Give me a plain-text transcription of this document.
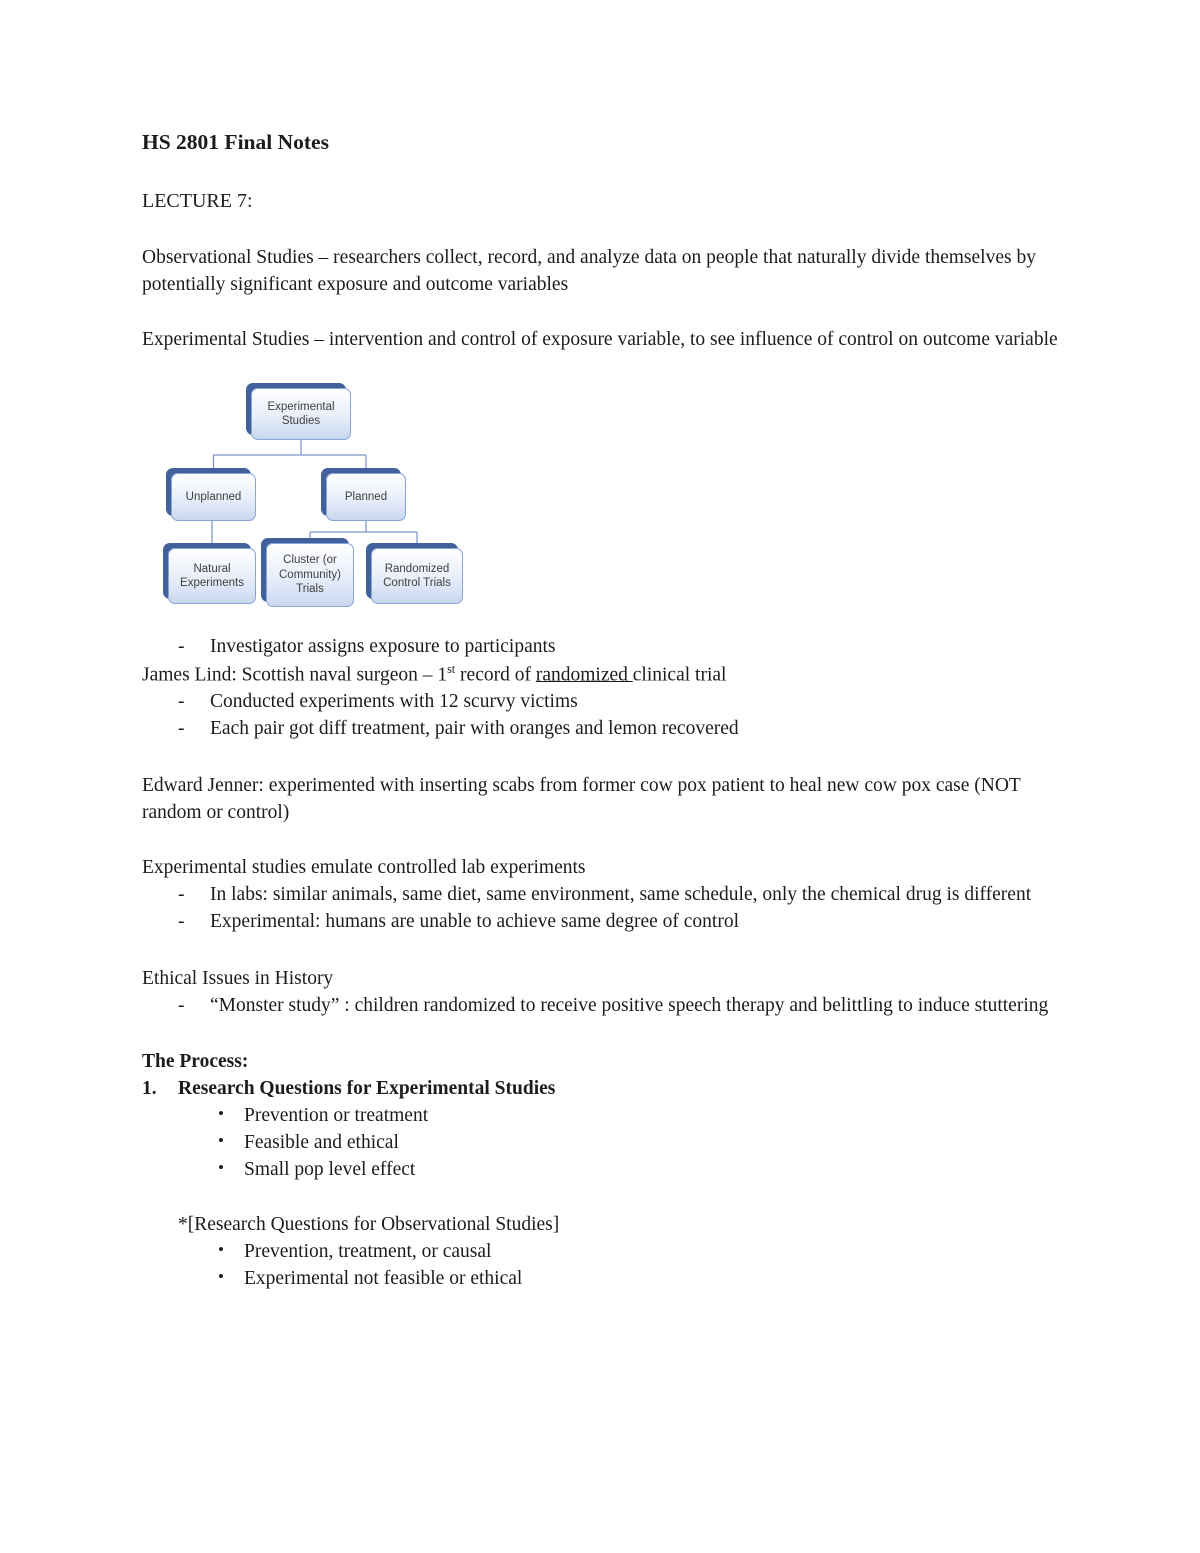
HS 2801 Final Notes
LECTURE 7:

Observational Studies – researchers collect, record, and analyze data on people that naturally divide themselves by potentially significant exposure and outcome variables

Experimental Studies – intervention and control of exposure variable, to see influence of control on outcome variable

Experimental Studies
Unplanned	Planned
Natural Experiments
Cluster (or Community) Trials
Randomized Control Trials
- Investigator assigns exposure to participants

James Lind: Scottish naval surgeon – 1st record of randomized clinical trial

- Conducted experiments with 12 scurvy victims
- Each pair got diff treatment, pair with oranges and lemon recovered

Edward Jenner: experimented with inserting scabs from former cow pox patient to heal new cow pox case (NOT random or control)

Experimental studies emulate controlled lab experiments

- In labs: similar animals, same diet, same environment, same schedule, only the chemical drug is different
- Experimental: humans are unable to achieve same degree of control

Ethical Issues in History

- “Monster study” : children randomized to receive positive speech therapy and belittling to induce stuttering

The Process:

1. Research Questions for Experimental Studies

• Prevention or treatment
• Feasible and ethical
• Small pop level effect

*[Research Questions for Observational Studies]

• Prevention, treatment, or causal
• Experimental not feasible or ethical
